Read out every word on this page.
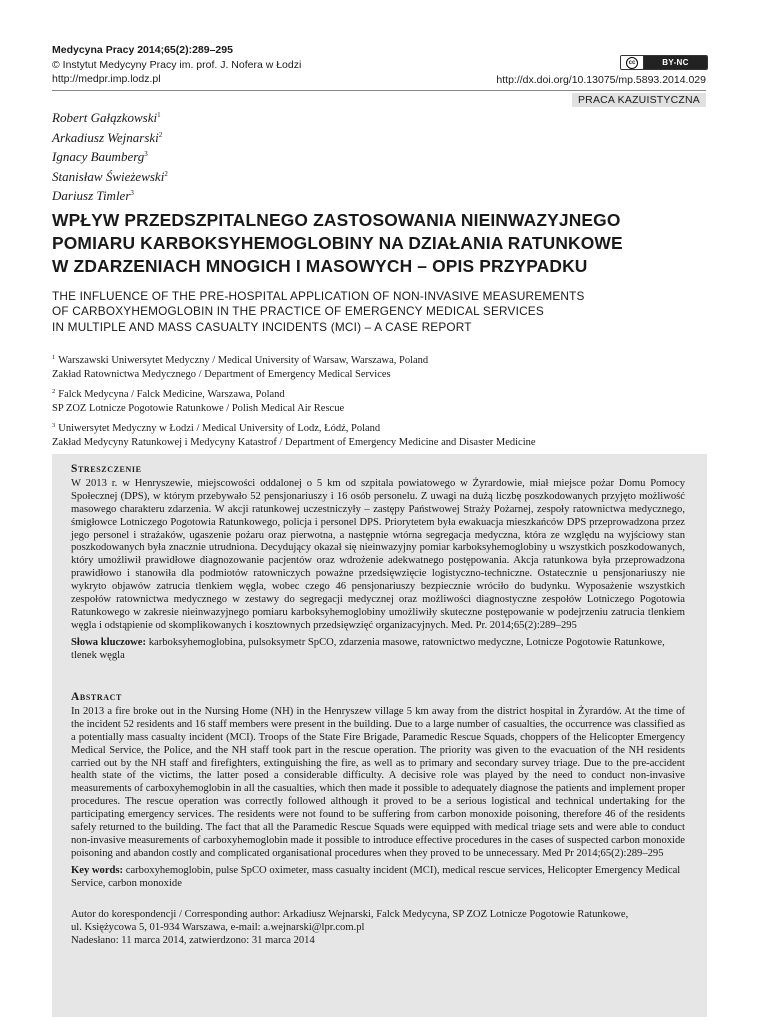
Medycyna Pracy 2014;65(2):289–295
© Instytut Medycyny Pracy im. prof. J. Nofera w Łodzi
http://medpr.imp.lodz.pl
cc	BY-NC
http://dx.doi.org/10.13075/mp.5893.2014.029
PRACA KAZUISTYCZNA
Robert Gałązkowski$^1$
Arkadiusz Wejnarski$^2$
Ignacy Baumberg$^3$
Stanisław Świeżewski$^2$
Dariusz Timler$^3$
WPŁYW PRZEDSZPITALNEGO ZASTOSOWANIA NIEINWAZYJNEGO
POMIARU KARBOKSYHEMOGLOBINY NA DZIAŁANIA RATUNKOWE
W ZDARZENIACH MNOGICH I MASOWYCH – OPIS PRZYPADKU
THE INFLUENCE OF THE PRE-HOSPITAL APPLICATION OF NON-INVASIVE MEASUREMENTS
OF CARBOXYHEMOGLOBIN IN THE PRACTICE OF EMERGENCY MEDICAL SERVICES
IN MULTIPLE AND MASS CASUALTY INCIDENTS (MCI) – A CASE REPORT
$^1$ Warszawski Uniwersytet Medyczny / Medical University of Warsaw, Warszawa, Poland
Zakład Ratownictwa Medycznego / Department of Emergency Medical Services
$^2$ Falck Medycyna / Falck Medicine, Warszawa, Poland
SP ZOZ Lotnicze Pogotowie Ratunkowe / Polish Medical Air Rescue
$^3$ Uniwersytet Medyczny w Łodzi / Medical University of Lodz, Łódź, Poland
Zakład Medycyny Ratunkowej i Medycyny Katastrof / Department of Emergency Medicine and Disaster Medicine
Streszczenie
W 2013 r. w Henryszewie, miejscowości oddalonej o 5 km od szpitala powiatowego w Żyrardowie, miał miejsce pożar Domu Pomocy Społecznej (DPS), w którym przebywało 52 pensjonariuszy i 16 osób personelu. Z uwagi na dużą liczbę poszkodowanych przyjęto możliwość masowego charakteru zdarzenia. W akcji ratunkowej uczestniczyły – zastępy Państwowej Straży Pożarnej, zespoły ratownictwa medycznego, śmigłowce Lotniczego Pogotowia Ratunkowego, policja i personel DPS. Priorytetem była ewakuacja mieszkańców DPS przeprowadzona przez jego personel i strażaków, ugaszenie pożaru oraz pierwotna, a następnie wtórna segregacja medyczna, która ze względu na wyjściowy stan poszkodowanych była znacznie utrudniona. Decydujący okazał się nieinwazyjny pomiar karboksyhemoglobiny u wszystkich poszkodowanych, który umożliwił prawidłowe diagnozowanie pacjentów oraz wdrożenie adekwatnego postępowania. Akcja ratunkowa była przeprowadzona prawidłowo i stanowiła dla podmiotów ratowniczych poważne przedsięwzięcie logistyczno-techniczne. Ostatecznie u pensjonariuszy nie wykryto objawów zatrucia tlenkiem węgla, wobec czego 46 pensjonariuszy bezpiecznie wróciło do budynku. Wyposażenie wszystkich zespołów ratownictwa medycznego w zestawy do segregacji medycznej oraz możliwości diagnostyczne zespołów Lotniczego Pogotowia Ratunkowego w zakresie nieinwazyjnego pomiaru karboksyhemoglobiny umożliwiły skuteczne postępowanie w podejrzeniu zatrucia tlenkiem węgla i odstąpienie od skomplikowanych i kosztownych przedsięwzięć organizacyjnych. Med. Pr. 2014;65(2):289–295
Słowa kluczowe: karboksyhemoglobina, pulsoksymetr SpCO, zdarzenia masowe, ratownictwo medyczne, Lotnicze Pogotowie Ratunkowe, tlenek węgla
Abstract
In 2013 a fire broke out in the Nursing Home (NH) in the Henryszew village 5 km away from the district hospital in Żyrardów. At the time of the incident 52 residents and 16 staff members were present in the building. Due to a large number of casualties, the occurrence was classified as a potentially mass casualty incident (MCI). Troops of the State Fire Brigade, Paramedic Rescue Squads, choppers of the Helicopter Emergency Medical Service, the Police, and the NH staff took part in the rescue operation. The priority was given to the evacuation of the NH residents carried out by the NH staff and firefighters, extinguishing the fire, as well as to primary and secondary survey triage. Due to the pre-accident health state of the victims, the latter posed a considerable difficulty. A decisive role was played by the need to conduct non-invasive measurements of carboxyhemoglobin in all the casualties, which then made it possible to adequately diagnose the patients and implement proper procedures. The rescue operation was correctly followed although it proved to be a serious logistical and technical undertaking for the participating emergency services. The residents were not found to be suffering from carbon monoxide poisoning, therefore 46 of the residents safely returned to the building. The fact that all the Paramedic Rescue Squads were equipped with medical triage sets and were able to conduct non-invasive measurements of carboxyhemoglobin made it possible to introduce effective procedures in the cases of suspected carbon monoxide poisoning and abandon costly and complicated organisational procedures when they proved to be unnecessary. Med Pr 2014;65(2):289–295
Key words: carboxyhemoglobin, pulse SpCO oximeter, mass casualty incident (MCI), medical rescue services, Helicopter Emergency Medical Service, carbon monoxide
Autor do korespondencji / Corresponding author: Arkadiusz Wejnarski, Falck Medycyna, SP ZOZ Lotnicze Pogotowie Ratunkowe,
ul. Księżycowa 5, 01-934 Warszawa, e-mail: a.wejnarski@lpr.com.pl
Nadesłano: 11 marca 2014, zatwierdzono: 31 marca 2014
